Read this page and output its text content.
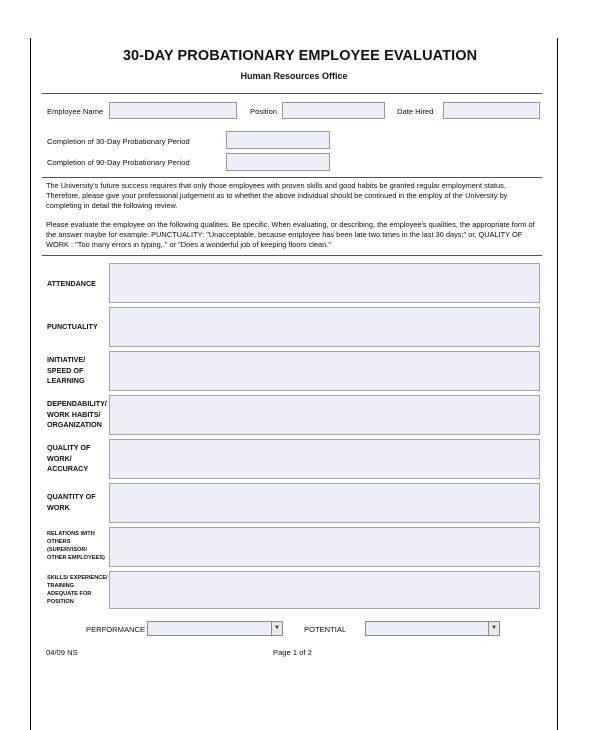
30-DAY PROBATIONARY EMPLOYEE EVALUATION
Human Resources Office
Employee Name	Position	Date Hired
Completion of 30-Day Probationary Period
Completion of 90-Day Probationary Period
The University's future success requires that only those employees with proven skills and good habits be granted regular employment status. Therefore, please give your professional judgement as to whether the above individual should be continued in the employ of the University by completing in detail the following review.
Please evaluate the employee on the following qualities. Be specific. When evaluating, or describing, the employee's qualities, the appropriate form of the answer maybe for example: PUNCTUALITY: "Unacceptable, because employee has been late two times in the last 30 days;" or, QUALITY OF WORK : "Too many errors in typing,." or "Does a wonderful job of keeping floors clean."
ATTENDANCE
PUNCTUALITY
INITIATIVE/
SPEED OF
LEARNING
DEPENDABILITY/
WORK HABITS/
ORGANIZATION
QUALITY OF
WORK/
ACCURACY
QUANTITY OF
WORK
RELATIONS WITH
OTHERS
(SUPERVISOR/
OTHER EMPLOYEES)
SKILLS/ EXPERIENCE/
TRAINING
ADEQUATE FOR
POSITION
PERFORMANCE	▼	POTENTIAL	▼
04/09 NS	Page 1 of 2
